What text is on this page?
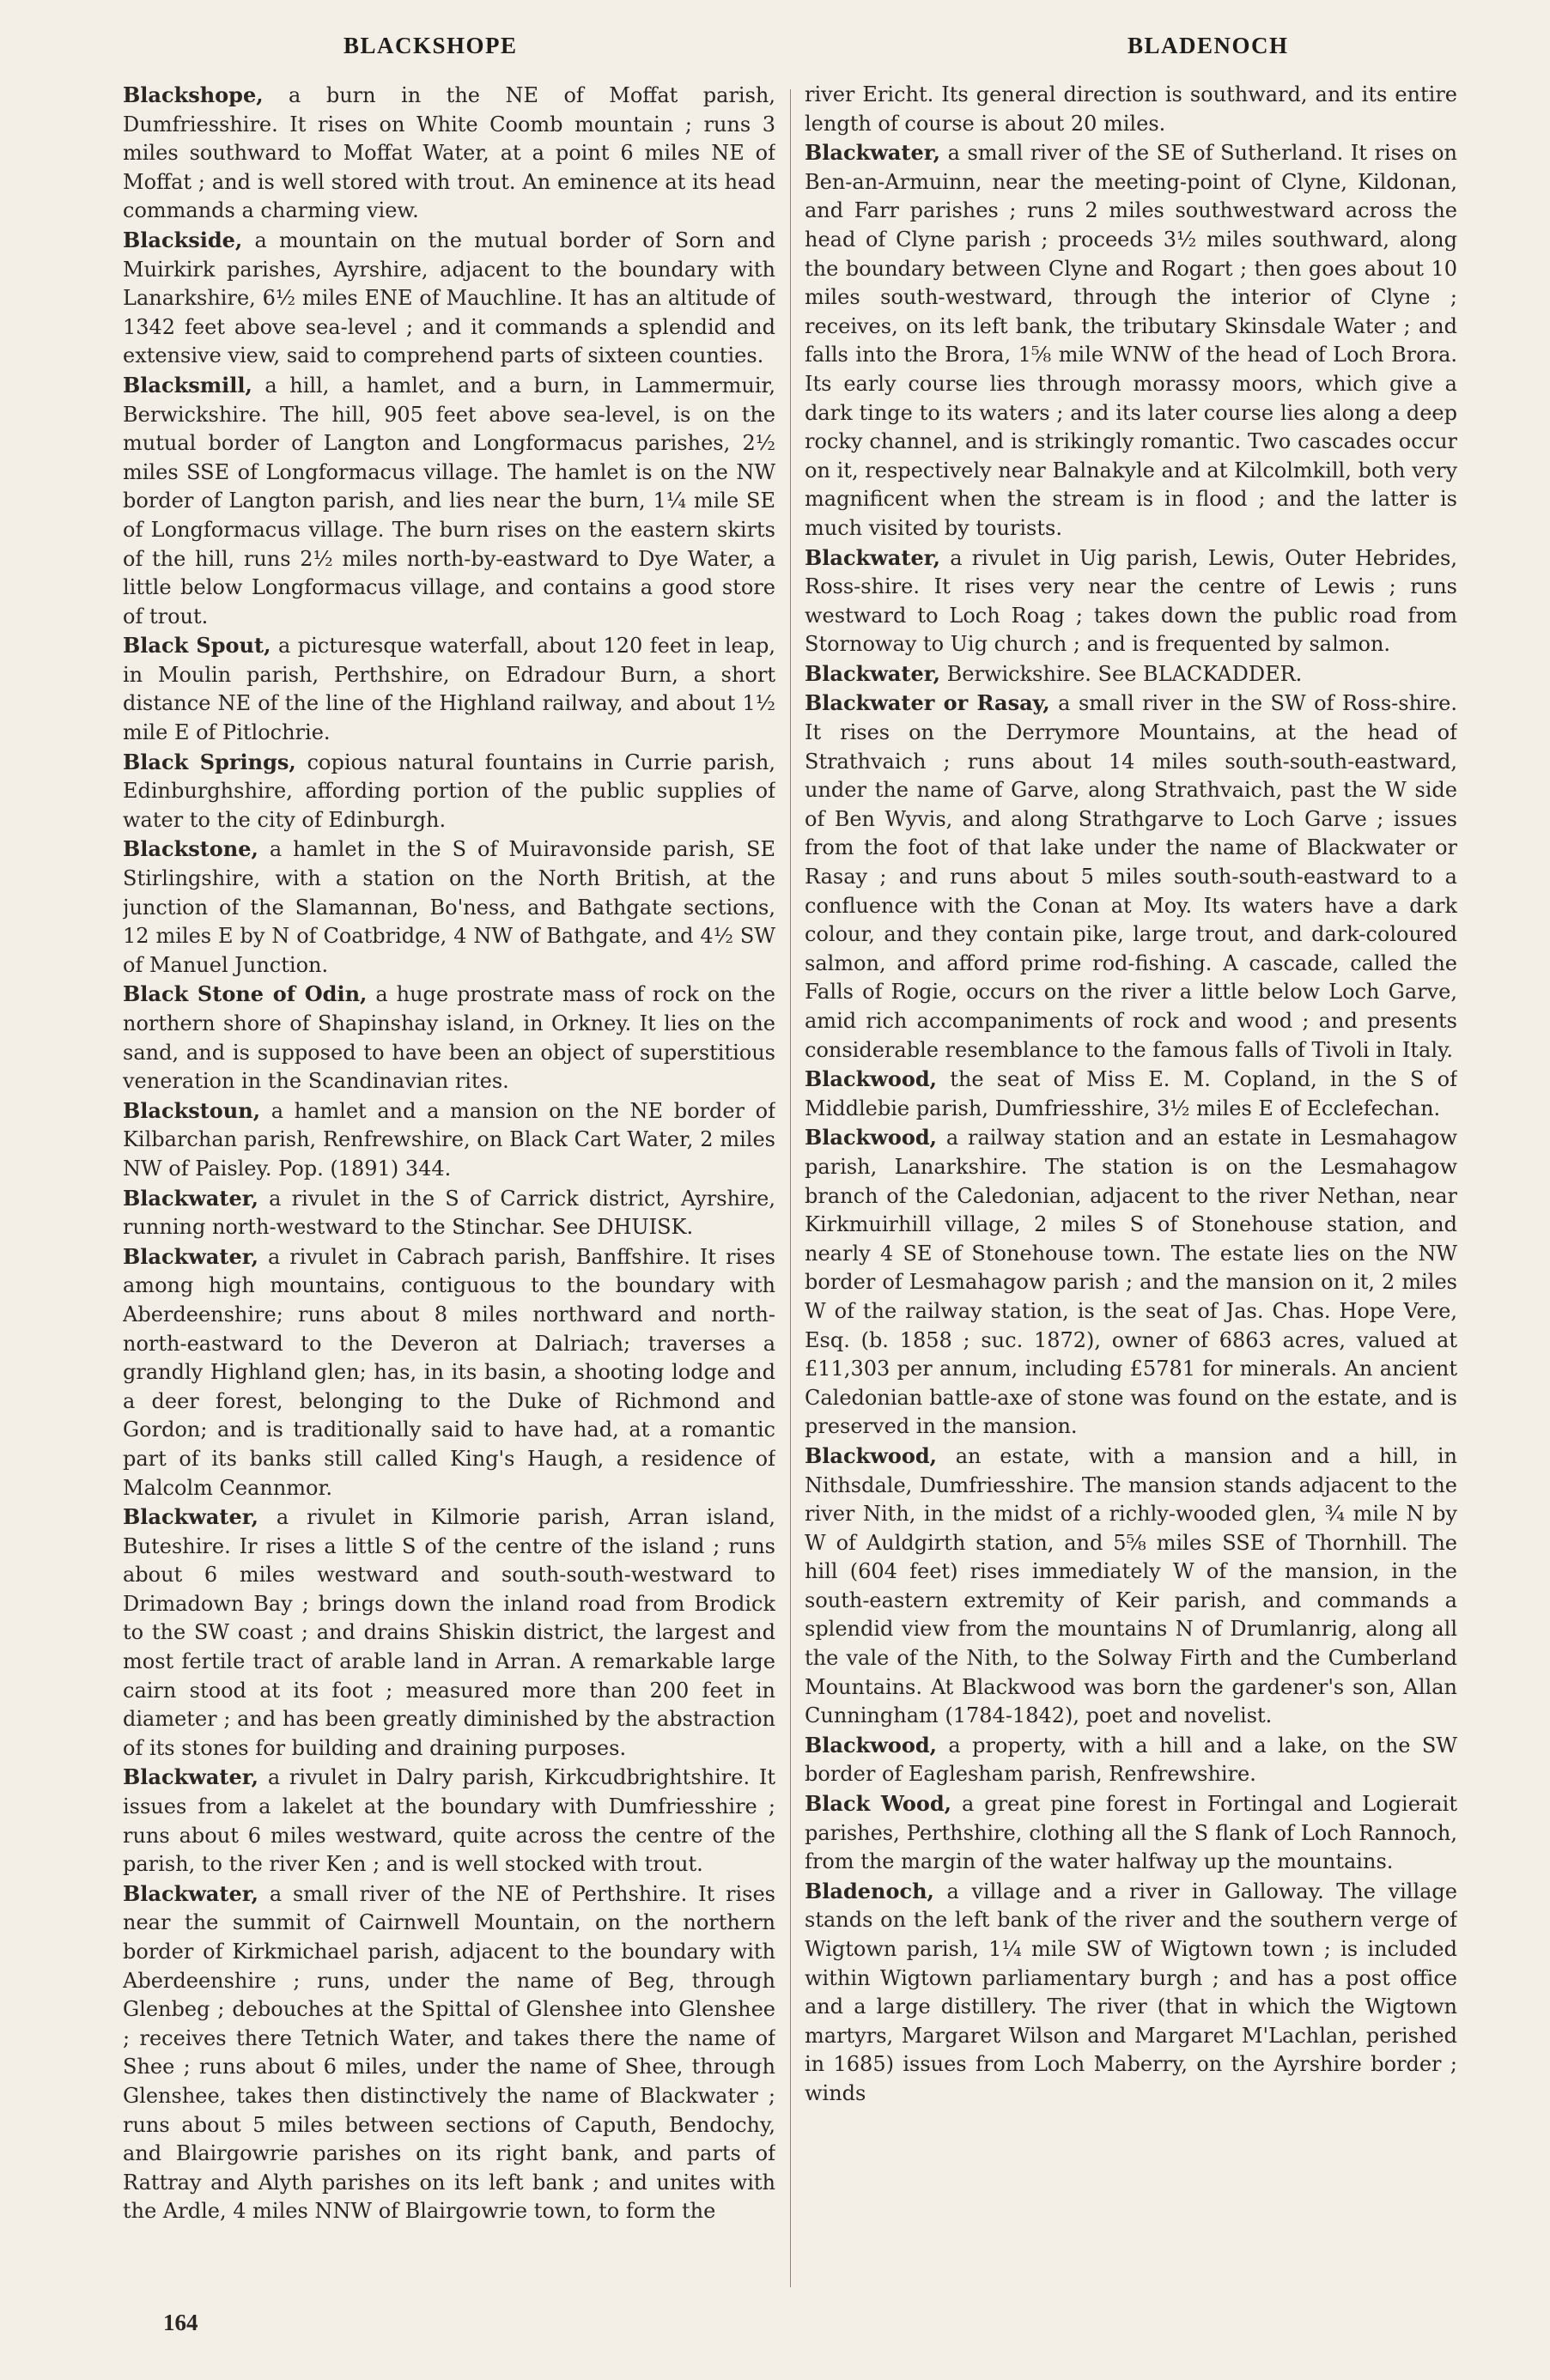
BLACKSHOPE	BLADENOCH

Blackshope, a burn in the NE of Moffat parish, Dumfriesshire. It rises on White Coomb mountain ; runs 3 miles southward to Moffat Water, at a point 6 miles NE of Moffat ; and is well stored with trout. An eminence at its head commands a charming view.

Blackside, a mountain on the mutual border of Sorn and Muirkirk parishes, Ayrshire, adjacent to the boundary with Lanarkshire, 6½ miles ENE of Mauchline. It has an altitude of 1342 feet above sea-level ; and it commands a splendid and extensive view, said to comprehend parts of sixteen counties.

Blacksmill, a hill, a hamlet, and a burn, in Lammermuir, Berwickshire. The hill, 905 feet above sea-level, is on the mutual border of Langton and Longformacus parishes, 2½ miles SSE of Longformacus village. The hamlet is on the NW border of Langton parish, and lies near the burn, 1¼ mile SE of Longformacus village. The burn rises on the eastern skirts of the hill, runs 2½ miles north-by-eastward to Dye Water, a little below Longformacus village, and contains a good store of trout.

Black Spout, a picturesque waterfall, about 120 feet in leap, in Moulin parish, Perthshire, on Edradour Burn, a short distance NE of the line of the Highland railway, and about 1½ mile E of Pitlochrie.

Black Springs, copious natural fountains in Currie parish, Edinburghshire, affording portion of the public supplies of water to the city of Edinburgh.

Blackstone, a hamlet in the S of Muiravonside parish, SE Stirlingshire, with a station on the North British, at the junction of the Slamannan, Bo'ness, and Bathgate sections, 12 miles E by N of Coatbridge, 4 NW of Bathgate, and 4½ SW of Manuel Junction.

Black Stone of Odin, a huge prostrate mass of rock on the northern shore of Shapinshay island, in Orkney. It lies on the sand, and is supposed to have been an object of superstitious veneration in the Scandinavian rites.

Blackstoun, a hamlet and a mansion on the NE border of Kilbarchan parish, Renfrewshire, on Black Cart Water, 2 miles NW of Paisley. Pop. (1891) 344.

Blackwater, a rivulet in the S of Carrick district, Ayrshire, running north-westward to the Stinchar. See DHUISK.

Blackwater, a rivulet in Cabrach parish, Banffshire. It rises among high mountains, contiguous to the boundary with Aberdeenshire; runs about 8 miles northward and north-north-eastward to the Deveron at Dalriach; traverses a grandly Highland glen; has, in its basin, a shooting lodge and a deer forest, belonging to the Duke of Richmond and Gordon; and is traditionally said to have had, at a romantic part of its banks still called King's Haugh, a residence of Malcolm Ceannmor.

Blackwater, a rivulet in Kilmorie parish, Arran island, Buteshire. Ir rises a little S of the centre of the island ; runs about 6 miles westward and south-south-westward to Drimadown Bay ; brings down the inland road from Brodick to the SW coast ; and drains Shiskin district, the largest and most fertile tract of arable land in Arran. A remarkable large cairn stood at its foot ; measured more than 200 feet in diameter ; and has been greatly diminished by the abstraction of its stones for building and draining purposes.

Blackwater, a rivulet in Dalry parish, Kirkcudbrightshire. It issues from a lakelet at the boundary with Dumfriesshire ; runs about 6 miles westward, quite across the centre of the parish, to the river Ken ; and is well stocked with trout.

Blackwater, a small river of the NE of Perthshire. It rises near the summit of Cairnwell Mountain, on the northern border of Kirkmichael parish, adjacent to the boundary with Aberdeenshire ; runs, under the name of Beg, through Glenbeg ; debouches at the Spittal of Glenshee into Glenshee ; receives there Tetnich Water, and takes there the name of Shee ; runs about 6 miles, under the name of Shee, through Glenshee, takes then distinctively the name of Blackwater ; runs about 5 miles between sections of Caputh, Bendochy, and Blairgowrie parishes on its right bank, and parts of Rattray and Alyth parishes on its left bank ; and unites with the Ardle, 4 miles NNW of Blairgowrie town, to form the

river Ericht. Its general direction is southward, and its entire length of course is about 20 miles.

Blackwater, a small river of the SE of Sutherland. It rises on Ben-an-Armuinn, near the meeting-point of Clyne, Kildonan, and Farr parishes ; runs 2 miles southwestward across the head of Clyne parish ; proceeds 3½ miles southward, along the boundary between Clyne and Rogart ; then goes about 10 miles south-westward, through the interior of Clyne ; receives, on its left bank, the tributary Skinsdale Water ; and falls into the Brora, 1⅝ mile WNW of the head of Loch Brora. Its early course lies through morassy moors, which give a dark tinge to its waters ; and its later course lies along a deep rocky channel, and is strikingly romantic. Two cascades occur on it, respectively near Balnakyle and at Kilcolmkill, both very magnificent when the stream is in flood ; and the latter is much visited by tourists.

Blackwater, a rivulet in Uig parish, Lewis, Outer Hebrides, Ross-shire. It rises very near the centre of Lewis ; runs westward to Loch Roag ; takes down the public road from Stornoway to Uig church ; and is frequented by salmon.

Blackwater, Berwickshire. See BLACKADDER.

Blackwater or Rasay, a small river in the SW of Ross-shire. It rises on the Derrymore Mountains, at the head of Strathvaich ; runs about 14 miles south-south-eastward, under the name of Garve, along Strathvaich, past the W side of Ben Wyvis, and along Strathgarve to Loch Garve ; issues from the foot of that lake under the name of Blackwater or Rasay ; and runs about 5 miles south-south-eastward to a confluence with the Conan at Moy. Its waters have a dark colour, and they contain pike, large trout, and dark-coloured salmon, and afford prime rod-fishing. A cascade, called the Falls of Rogie, occurs on the river a little below Loch Garve, amid rich accompaniments of rock and wood ; and presents considerable resemblance to the famous falls of Tivoli in Italy.

Blackwood, the seat of Miss E. M. Copland, in the S of Middlebie parish, Dumfriesshire, 3½ miles E of Ecclefechan.

Blackwood, a railway station and an estate in Lesmahagow parish, Lanarkshire. The station is on the Lesmahagow branch of the Caledonian, adjacent to the river Nethan, near Kirkmuirhill village, 2 miles S of Stonehouse station, and nearly 4 SE of Stonehouse town. The estate lies on the NW border of Lesmahagow parish ; and the mansion on it, 2 miles W of the railway station, is the seat of Jas. Chas. Hope Vere, Esq. (b. 1858 ; suc. 1872), owner of 6863 acres, valued at £11,303 per annum, including £5781 for minerals. An ancient Caledonian battle-axe of stone was found on the estate, and is preserved in the mansion.

Blackwood, an estate, with a mansion and a hill, in Nithsdale, Dumfriesshire. The mansion stands adjacent to the river Nith, in the midst of a richly-wooded glen, ¾ mile N by W of Auldgirth station, and 5⅝ miles SSE of Thornhill. The hill (604 feet) rises immediately W of the mansion, in the south-eastern extremity of Keir parish, and commands a splendid view from the mountains N of Drumlanrig, along all the vale of the Nith, to the Solway Firth and the Cumberland Mountains. At Blackwood was born the gardener's son, Allan Cunningham (1784-1842), poet and novelist.

Blackwood, a property, with a hill and a lake, on the SW border of Eaglesham parish, Renfrewshire.

Black Wood, a great pine forest in Fortingal and Logierait parishes, Perthshire, clothing all the S flank of Loch Rannoch, from the margin of the water halfway up the mountains.

Bladenoch, a village and a river in Galloway. The village stands on the left bank of the river and the southern verge of Wigtown parish, 1¼ mile SW of Wigtown town ; is included within Wigtown parliamentary burgh ; and has a post office and a large distillery. The river (that in which the Wigtown martyrs, Margaret Wilson and Margaret M'Lachlan, perished in 1685) issues from Loch Maberry, on the Ayrshire border ; winds

164
